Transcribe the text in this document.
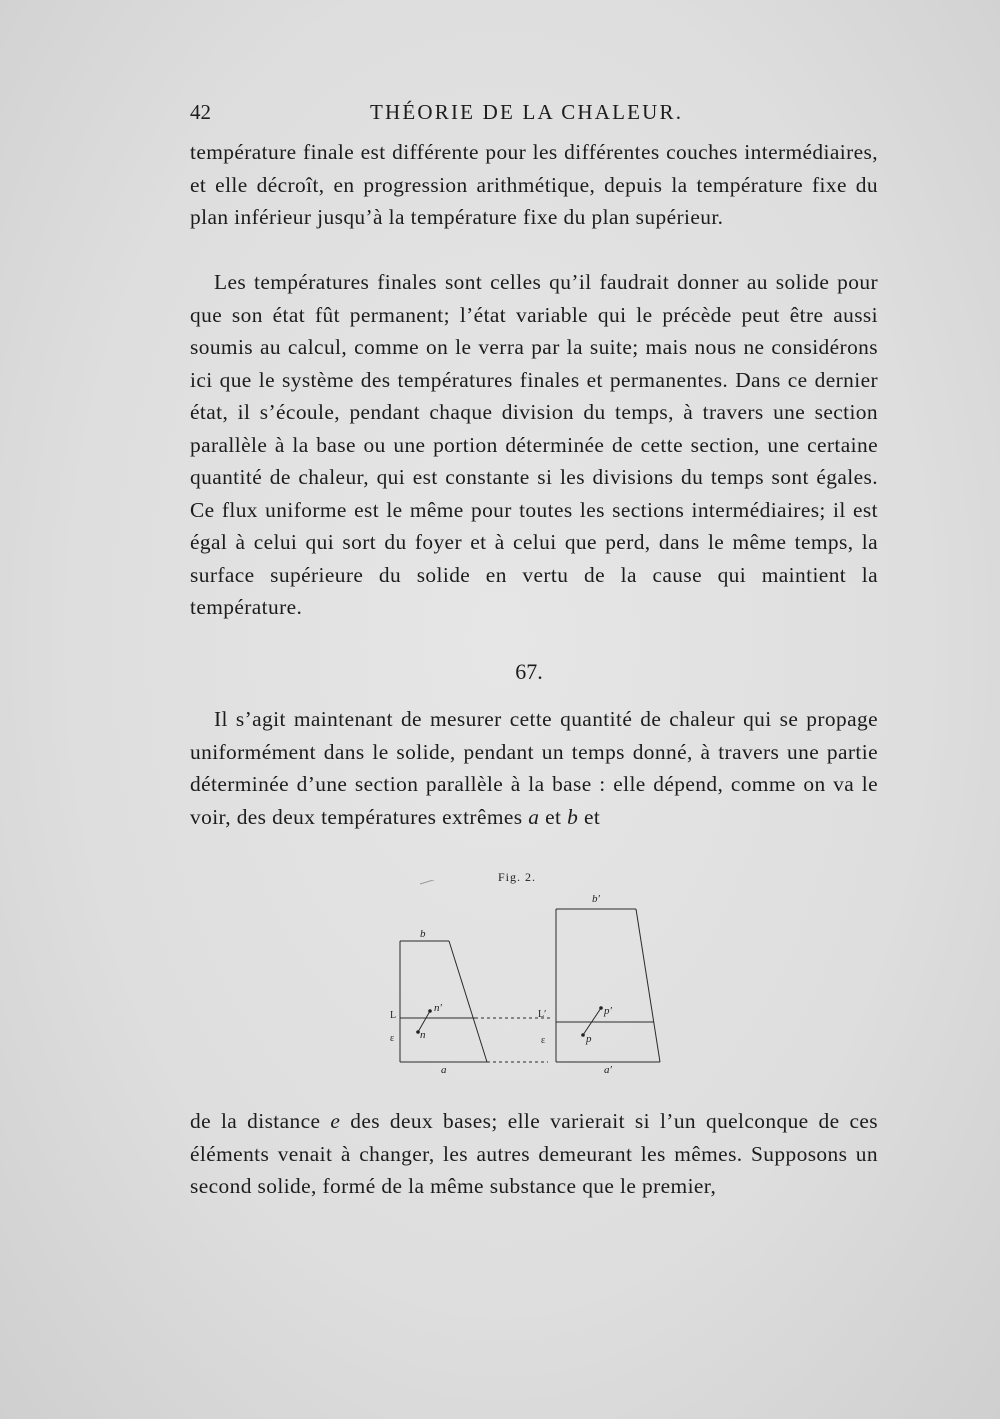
42	THÉORIE DE LA CHALEUR.

température finale est différente pour les différentes couches intermédiaires, et elle décroît, en progression arithmétique, depuis la température fixe du plan inférieur jusqu’à la température fixe du plan supérieur.

Les températures finales sont celles qu’il faudrait donner au solide pour que son état fût permanent; l’état variable qui le précède peut être aussi soumis au calcul, comme on le verra par la suite; mais nous ne considérons ici que le système des températures finales et permanentes. Dans ce dernier état, il s’écoule, pendant chaque division du temps, à travers une section parallèle à la base ou une portion déterminée de cette section, une certaine quantité de chaleur, qui est constante si les divisions du temps sont égales. Ce flux uniforme est le même pour toutes les sections intermédiaires; il est égal à celui qui sort du foyer et à celui que perd, dans le même temps, la surface supérieure du solide en vertu de la cause qui maintient la température.

67.

Il s’agit maintenant de mesurer cette quantité de chaleur qui se propage uniformément dans le solide, pendant un temps donné, à travers une partie déterminée d’une section parallèle à la base : elle dépend, comme on va le voir, des deux températures extrêmes a et b et

Fig. 2.
b
a
b′
a′
L	L′
ε	ε
n′
n
p′
p

de la distance e des deux bases; elle varierait si l’un quelconque de ces éléments venait à changer, les autres demeurant les mêmes. Supposons un second solide, formé de la même substance que le premier,
